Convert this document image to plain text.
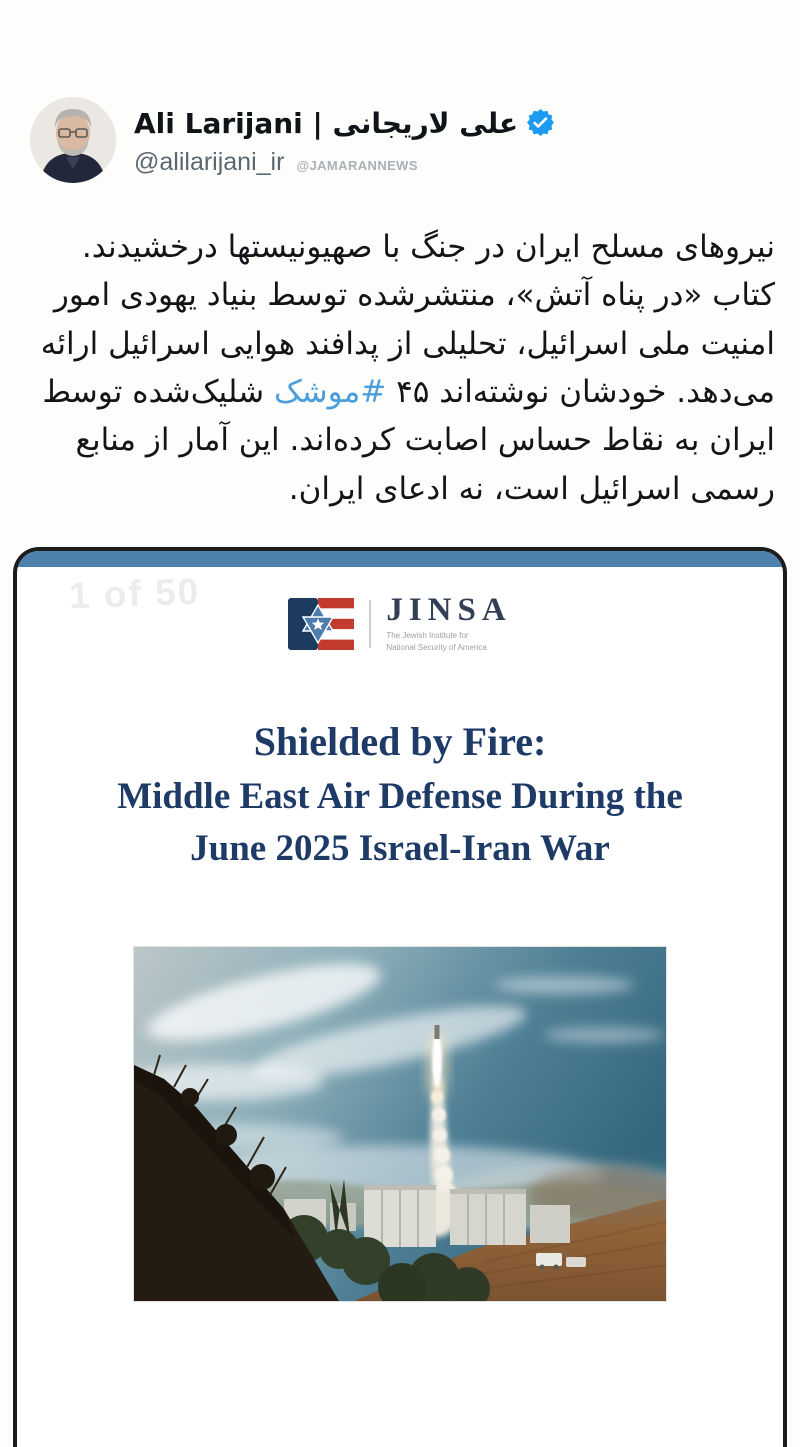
Ali Larijani | علی لاریجانی
@alilarijani_ir @JAMARANNEWS
نیروهای مسلح ایران در جنگ با صهیونیستها درخشیدند. کتاب «در پناه آتش»، منتشرشده توسط بنیاد یهودی امور امنیت ملی اسرائیل، تحلیلی از پدافند هوایی اسرائیل ارائه می‌دهد. خودشان نوشته‌اند ۴۵ #موشک شلیک‌شده توسط ایران به نقاط حساس اصابت کرده‌اند. این آمار از منابع رسمی اسرائیل است، نه ادعای ایران.
1 of 50	JINSA
The Jewish Institute for
National Security of America
Shielded by Fire:
Middle East Air Defense During the
June 2025 Israel-Iran War
